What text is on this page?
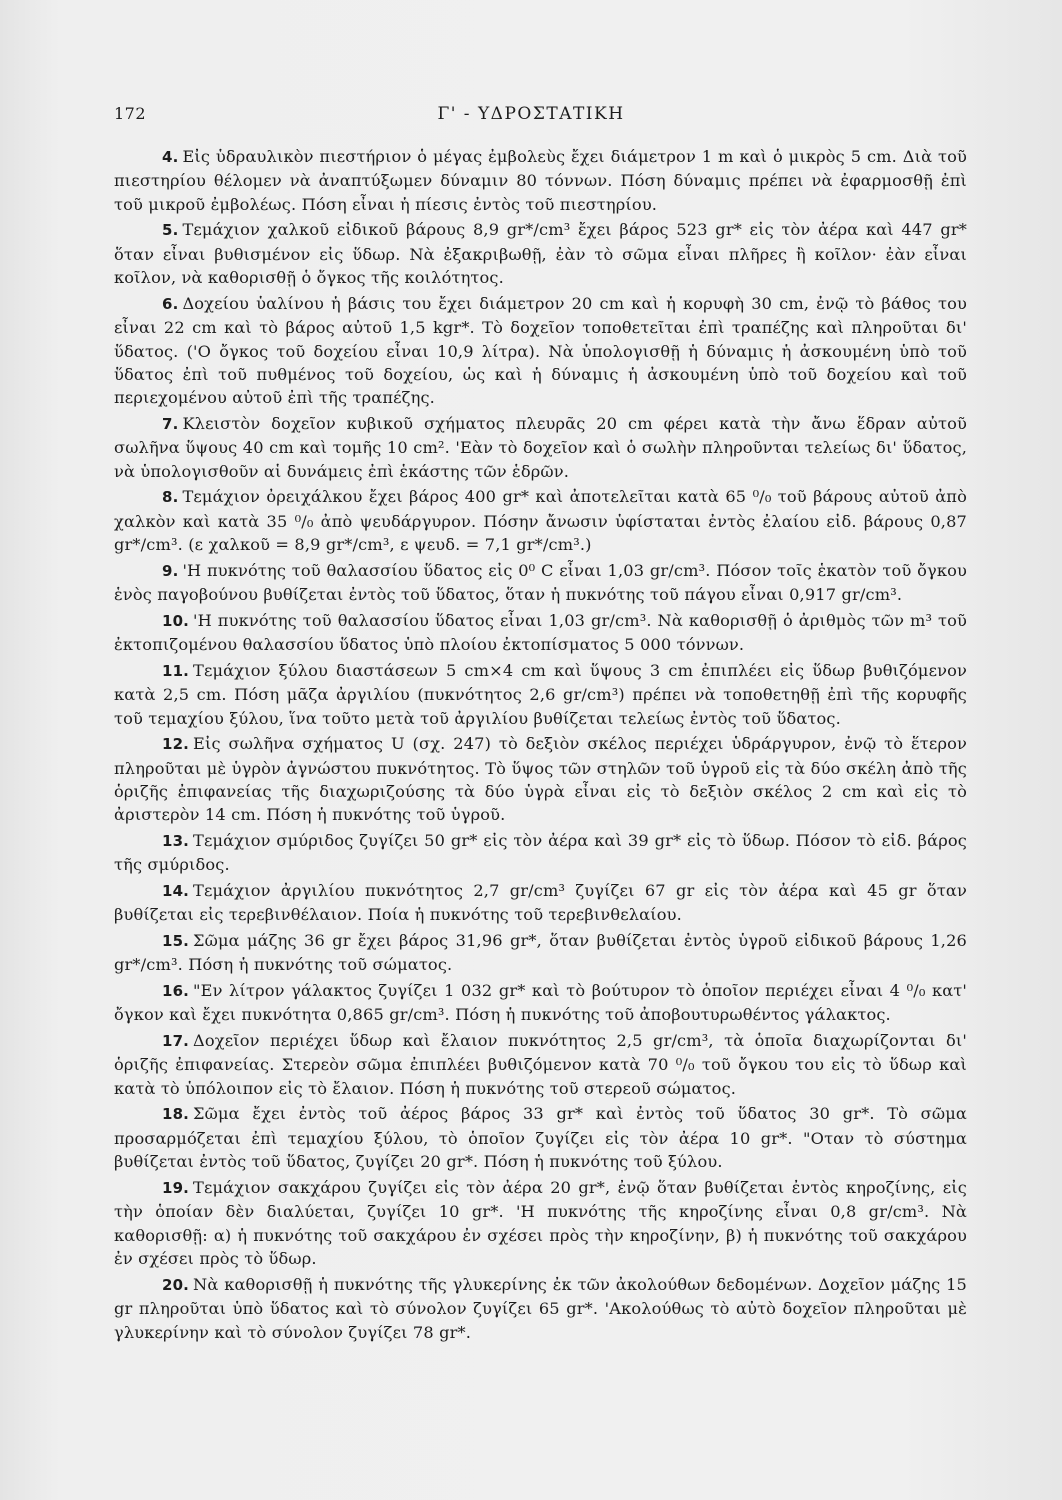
172	Γ' - ΥΔΡΟΣΤΑΤΙΚΗ

4. Εἰς ὑδραυλικὸν πιεστήριον ὁ μέγας ἐμβολεὺς ἔχει διάμετρον 1 m καὶ ὁ μικρὸς 5 cm. Διὰ τοῦ πιεστηρίου θέλομεν νὰ ἀναπτύξωμεν δύναμιν 80 τόννων. Πόση δύναμις πρέπει νὰ ἐφαρμοσθῇ ἐπὶ τοῦ μικροῦ ἐμβολέως. Πόση εἶναι ἡ πίεσις ἐντὸς τοῦ πιεστηρίου.

5. Τεμάχιον χαλκοῦ εἰδικοῦ βάρους 8,9 gr*/cm³ ἔχει βάρος 523 gr* εἰς τὸν ἀέρα καὶ 447 gr* ὅταν εἶναι βυθισμένον εἰς ὕδωρ. Νὰ ἐξακριβωθῇ, ἐὰν τὸ σῶμα εἶναι πλῆρες ἢ κοῖλον· ἐὰν εἶναι κοῖλον, νὰ καθορισθῇ ὁ ὄγκος τῆς κοιλότητος.

6. Δοχείου ὑαλίνου ἡ βάσις του ἔχει διάμετρον 20 cm καὶ ἡ κορυφὴ 30 cm, ἐνῷ τὸ βάθος του εἶναι 22 cm καὶ τὸ βάρος αὐτοῦ 1,5 kgr*. Τὸ δοχεῖον τοποθετεῖται ἐπὶ τραπέζης καὶ πληροῦται δι' ὕδατος. ('Ο ὄγκος τοῦ δοχείου εἶναι 10,9 λίτρα). Νὰ ὑπολογισθῇ ἡ δύναμις ἡ ἀσκουμένη ὑπὸ τοῦ ὕδατος ἐπὶ τοῦ πυθμένος τοῦ δοχείου, ὡς καὶ ἡ δύναμις ἡ ἀσκουμένη ὑπὸ τοῦ δοχείου καὶ τοῦ περιεχομένου αὐτοῦ ἐπὶ τῆς τραπέζης.

7. Κλειστὸν δοχεῖον κυβικοῦ σχήματος πλευρᾶς 20 cm φέρει κατὰ τὴν ἄνω ἕδραν αὐτοῦ σωλῆνα ὕψους 40 cm καὶ τομῆς 10 cm². 'Εὰν τὸ δοχεῖον καὶ ὁ σωλὴν πληροῦνται τελείως δι' ὕδατος, νὰ ὑπολογισθοῦν αἱ δυνάμεις ἐπὶ ἑκάστης τῶν ἑδρῶν.

8. Τεμάχιον ὀρειχάλκου ἔχει βάρος 400 gr* καὶ ἀποτελεῖται κατὰ 65 ⁰/₀ τοῦ βάρους αὐτοῦ ἀπὸ χαλκὸν καὶ κατὰ 35 ⁰/₀ ἀπὸ ψευδάργυρον. Πόσην ἄνωσιν ὑφίσταται ἐντὸς ἐλαίου εἰδ. βάρους 0,87 gr*/cm³. (ε χαλκοῦ = 8,9 gr*/cm³, ε ψευδ. = 7,1 gr*/cm³.)

9. 'Η πυκνότης τοῦ θαλασσίου ὕδατος εἰς 0⁰ C εἶναι 1,03 gr/cm³. Πόσον τοῖς ἑκατὸν τοῦ ὄγκου ἑνὸς παγοβούνου βυθίζεται ἐντὸς τοῦ ὕδατος, ὅταν ἡ πυκνότης τοῦ πάγου εἶναι 0,917 gr/cm³.

10. 'Η πυκνότης τοῦ θαλασσίου ὕδατος εἶναι 1,03 gr/cm³. Νὰ καθορισθῇ ὁ ἀριθμὸς τῶν m³ τοῦ ἐκτοπιζομένου θαλασσίου ὕδατος ὑπὸ πλοίου ἐκτοπίσματος 5 000 τόννων.

11. Τεμάχιον ξύλου διαστάσεων 5 cm×4 cm καὶ ὕψους 3 cm ἐπιπλέει εἰς ὕδωρ βυθιζόμενον κατὰ 2,5 cm. Πόση μᾶζα ἀργιλίου (πυκνότητος 2,6 gr/cm³) πρέπει νὰ τοποθετηθῇ ἐπὶ τῆς κορυφῆς τοῦ τεμαχίου ξύλου, ἵνα τοῦτο μετὰ τοῦ ἀργιλίου βυθίζεται τελείως ἐντὸς τοῦ ὕδατος.

12. Εἰς σωλῆνα σχήματος U (σχ. 247) τὸ δεξιὸν σκέλος περιέχει ὑδράργυρον, ἐνῷ τὸ ἕτερον πληροῦται μὲ ὑγρὸν ἀγνώστου πυκνότητος. Τὸ ὕψος τῶν στηλῶν τοῦ ὑγροῦ εἰς τὰ δύο σκέλη ἀπὸ τῆς ὁριζῆς ἐπιφανείας τῆς διαχωριζούσης τὰ δύο ὑγρὰ εἶναι εἰς τὸ δεξιὸν σκέλος 2 cm καὶ εἰς τὸ ἀριστερὸν 14 cm. Πόση ἡ πυκνότης τοῦ ὑγροῦ.

13. Τεμάχιον σμύριδος ζυγίζει 50 gr* εἰς τὸν ἀέρα καὶ 39 gr* εἰς τὸ ὕδωρ. Πόσον τὸ εἰδ. βάρος τῆς σμύριδος.

14. Τεμάχιον ἀργιλίου πυκνότητος 2,7 gr/cm³ ζυγίζει 67 gr εἰς τὸν ἀέρα καὶ 45 gr ὅταν βυθίζεται εἰς τερεβινθέλαιον. Ποία ἡ πυκνότης τοῦ τερεβινθελαίου.

15. Σῶμα μάζης 36 gr ἔχει βάρος 31,96 gr*, ὅταν βυθίζεται ἐντὸς ὑγροῦ εἰδικοῦ βάρους 1,26 gr*/cm³. Πόση ἡ πυκνότης τοῦ σώματος.

16. "Εν λίτρον γάλακτος ζυγίζει 1 032 gr* καὶ τὸ βούτυρον τὸ ὁποῖον περιέχει εἶναι 4 ⁰/₀ κατ' ὄγκον καὶ ἔχει πυκνότητα 0,865 gr/cm³. Πόση ἡ πυκνότης τοῦ ἀποβουτυρωθέντος γάλακτος.

17. Δοχεῖον περιέχει ὕδωρ καὶ ἔλαιον πυκνότητος 2,5 gr/cm³, τὰ ὁποῖα διαχωρίζονται δι' ὁριζῆς ἐπιφανείας. Στερεὸν σῶμα ἐπιπλέει βυθιζόμενον κατὰ 70 ⁰/₀ τοῦ ὄγκου του εἰς τὸ ὕδωρ καὶ κατὰ τὸ ὑπόλοιπον εἰς τὸ ἔλαιον. Πόση ἡ πυκνότης τοῦ στερεοῦ σώματος.

18. Σῶμα ἔχει ἐντὸς τοῦ ἀέρος βάρος 33 gr* καὶ ἐντὸς τοῦ ὕδατος 30 gr*. Τὸ σῶμα προσαρμόζεται ἐπὶ τεμαχίου ξύλου, τὸ ὁποῖον ζυγίζει εἰς τὸν ἀέρα 10 gr*. "Οταν τὸ σύστημα βυθίζεται ἐντὸς τοῦ ὕδατος, ζυγίζει 20 gr*. Πόση ἡ πυκνότης τοῦ ξύλου.

19. Τεμάχιον σακχάρου ζυγίζει εἰς τὸν ἀέρα 20 gr*, ἐνῷ ὅταν βυθίζεται ἐντὸς κηροζίνης, εἰς τὴν ὁποίαν δὲν διαλύεται, ζυγίζει 10 gr*. 'Η πυκνότης τῆς κηροζίνης εἶναι 0,8 gr/cm³. Νὰ καθορισθῇ: α) ἡ πυκνότης τοῦ σακχάρου ἐν σχέσει πρὸς τὴν κηροζίνην, β) ἡ πυκνότης τοῦ σακχάρου ἐν σχέσει πρὸς τὸ ὕδωρ.

20. Νὰ καθορισθῇ ἡ πυκνότης τῆς γλυκερίνης ἐκ τῶν ἀκολούθων δεδομένων. Δοχεῖον μάζης 15 gr πληροῦται ὑπὸ ὕδατος καὶ τὸ σύνολον ζυγίζει 65 gr*. 'Ακολούθως τὸ αὐτὸ δοχεῖον πληροῦται μὲ γλυκερίνην καὶ τὸ σύνολον ζυγίζει 78 gr*.
